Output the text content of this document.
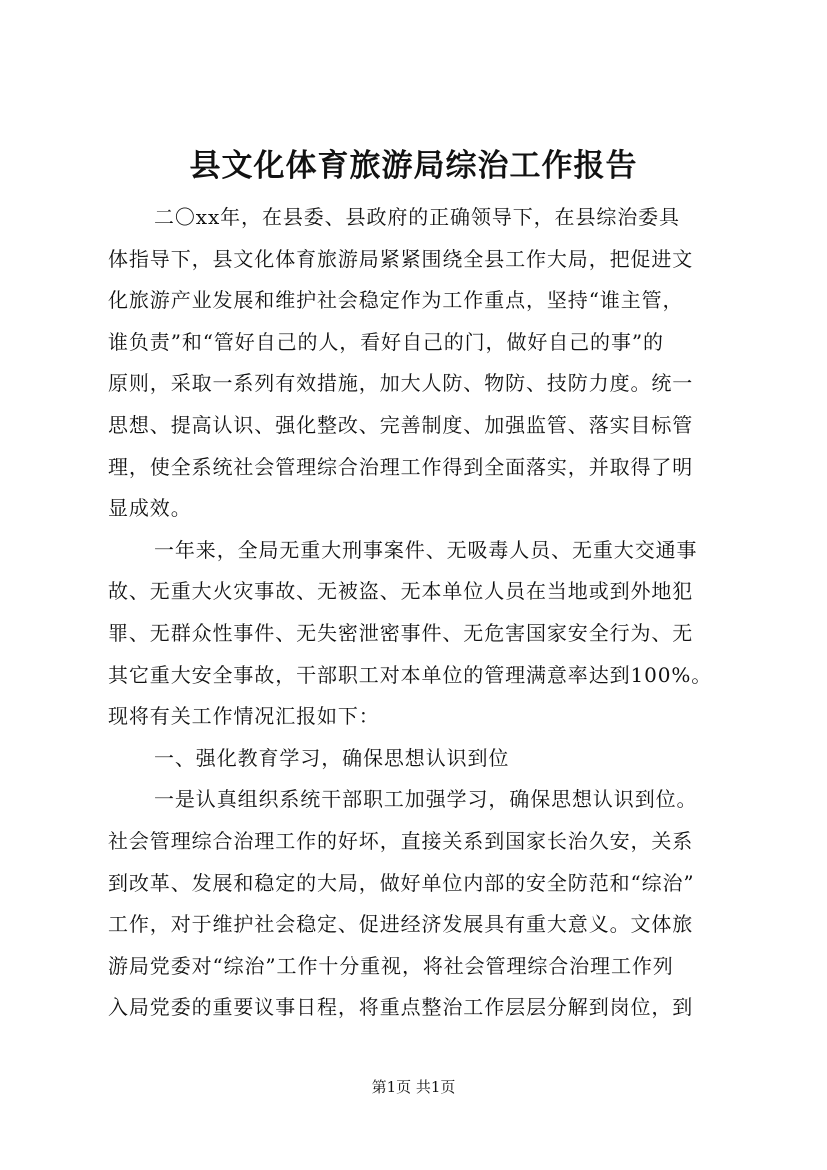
县文化体育旅游局综治工作报告
二〇xx年，在县委、县政府的正确领导下，在县综治委具
体指导下，县文化体育旅游局紧紧围绕全县工作大局，把促进文
化旅游产业发展和维护社会稳定作为工作重点，坚持“谁主管，
谁负责”和“管好自己的人，看好自己的门，做好自己的事”的
原则，采取一系列有效措施，加大人防、物防、技防力度。统一
思想、提高认识、强化整改、完善制度、加强监管、落实目标管
理，使全系统社会管理综合治理工作得到全面落实，并取得了明
显成效。
一年来，全局无重大刑事案件、无吸毒人员、无重大交通事
故、无重大火灾事故、无被盗、无本单位人员在当地或到外地犯
罪、无群众性事件、无失密泄密事件、无危害国家安全行为、无
其它重大安全事故，干部职工对本单位的管理满意率达到100%。
现将有关工作情况汇报如下：
一、强化教育学习，确保思想认识到位
一是认真组织系统干部职工加强学习，确保思想认识到位。
社会管理综合治理工作的好坏，直接关系到国家长治久安，关系
到改革、发展和稳定的大局，做好单位内部的安全防范和“综治”
工作，对于维护社会稳定、促进经济发展具有重大意义。文体旅
游局党委对“综治”工作十分重视，将社会管理综合治理工作列
入局党委的重要议事日程，将重点整治工作层层分解到岗位，到
第1页 共1页
